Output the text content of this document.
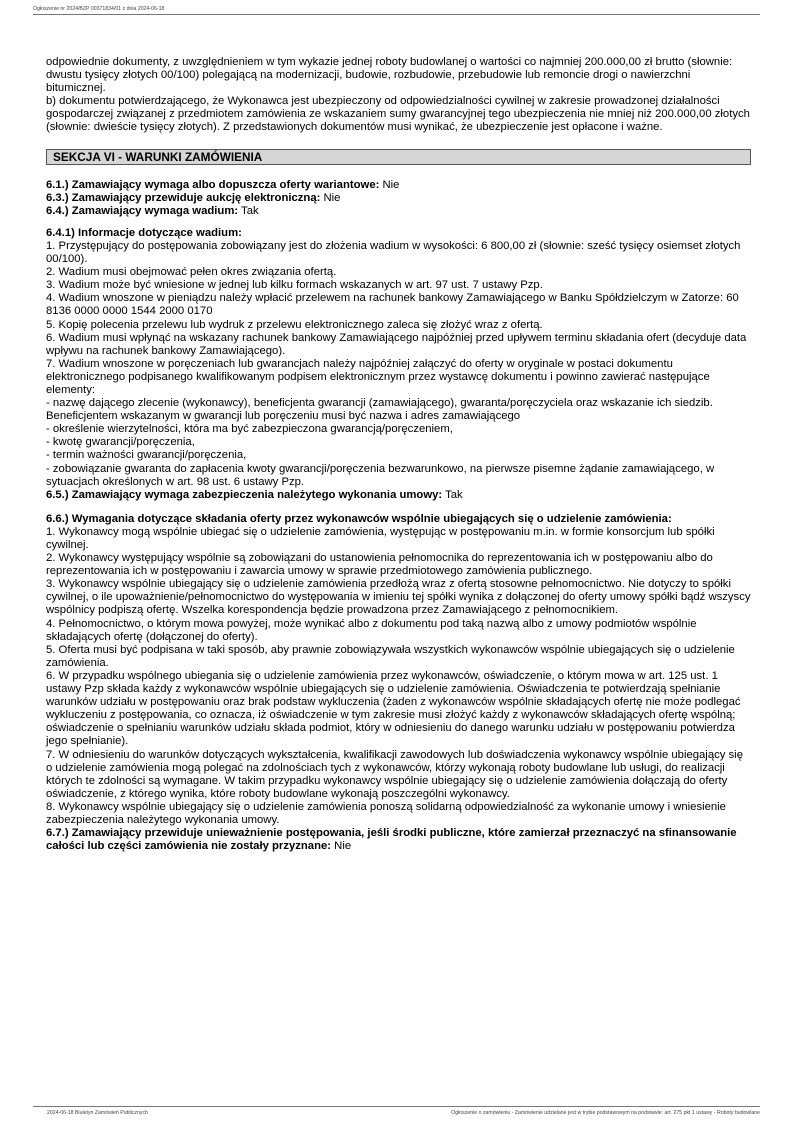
Ogłoszenie nr 2024/BZP 00371834/01 z dnia 2024-06-18

odpowiednie dokumenty, z uwzględnieniem w tym wykazie jednej roboty budowlanej o wartości co najmniej 200.000,00 zł brutto (słownie: dwustu tysięcy złotych 00/100) polegającą na modernizacji, budowie, rozbudowie, przebudowie lub remoncie drogi o nawierzchni bitumicznej.

b) dokumentu potwierdzającego, że Wykonawca jest ubezpieczony od odpowiedzialności cywilnej w zakresie prowadzonej działalności gospodarczej związanej z przedmiotem zamówienia ze wskazaniem sumy gwarancyjnej tego ubezpieczenia nie mniej niż 200.000,00 złotych (słownie: dwieście tysięcy złotych). Z przedstawionych dokumentów musi wynikać, że ubezpieczenie jest opłacone i ważne.

SEKCJA VI - WARUNKI ZAMÓWIENIA

6.1.) Zamawiający wymaga albo dopuszcza oferty wariantowe: Nie

6.3.) Zamawiający przewiduje aukcję elektroniczną: Nie

6.4.) Zamawiający wymaga wadium: Tak

6.4.1) Informacje dotyczące wadium:

1. Przystępujący do postępowania zobowiązany jest do złożenia wadium w wysokości: 6 800,00 zł (słownie: sześć tysięcy osiemset złotych 00/100).

2. Wadium musi obejmować pełen okres związania ofertą.

3. Wadium może być wniesione w jednej lub kilku formach wskazanych w art. 97 ust. 7 ustawy Pzp.

4. Wadium wnoszone w pieniądzu należy wpłacić przelewem na rachunek bankowy Zamawiającego w Banku Spółdzielczym w Zatorze: 60 8136 0000 0000 1544 2000 0170

5. Kopię polecenia przelewu lub wydruk z przelewu elektronicznego zaleca się złożyć wraz z ofertą.

6. Wadium musi wpłynąć na wskazany rachunek bankowy Zamawiającego najpóźniej przed upływem terminu składania ofert (decyduje data wpływu na rachunek bankowy Zamawiającego).

7. Wadium wnoszone w poręczeniach lub gwarancjach należy najpóźniej załączyć do oferty w oryginale w postaci dokumentu elektronicznego podpisanego kwalifikowanym podpisem elektronicznym przez wystawcę dokumentu i powinno zawierać następujące elementy:

- nazwę dającego zlecenie (wykonawcy), beneficjenta gwarancji (zamawiającego), gwaranta/poręczyciela oraz wskazanie ich siedzib. Beneficjentem wskazanym w gwarancji lub poręczeniu musi być nazwa i adres zamawiającego

- określenie wierzytelności, która ma być zabezpieczona gwarancją/poręczeniem,

- kwotę gwarancji/poręczenia,

- termin ważności gwarancji/poręczenia,

- zobowiązanie gwaranta do zapłacenia kwoty gwarancji/poręczenia bezwarunkowo, na pierwsze pisemne żądanie zamawiającego, w sytuacjach określonych w art. 98 ust. 6 ustawy Pzp.

6.5.) Zamawiający wymaga zabezpieczenia należytego wykonania umowy: Tak

6.6.) Wymagania dotyczące składania oferty przez wykonawców wspólnie ubiegających się o udzielenie zamówienia:

1. Wykonawcy mogą wspólnie ubiegać się o udzielenie zamówienia, występując w postępowaniu m.in. w formie konsorcjum lub spółki cywilnej.

2. Wykonawcy występujący wspólnie są zobowiązani do ustanowienia pełnomocnika do reprezentowania ich w postępowaniu albo do reprezentowania ich w postępowaniu i zawarcia umowy w sprawie przedmiotowego zamówienia publicznego.

3. Wykonawcy wspólnie ubiegający się o udzielenie zamówienia przedłożą wraz z ofertą stosowne pełnomocnictwo. Nie dotyczy to spółki cywilnej, o ile upoważnienie/pełnomocnictwo do występowania w imieniu tej spółki wynika z dołączonej do oferty umowy spółki bądź wszyscy wspólnicy podpiszą ofertę. Wszelka korespondencja będzie prowadzona przez Zamawiającego z pełnomocnikiem.

4. Pełnomocnictwo, o którym mowa powyżej, może wynikać albo z dokumentu pod taką nazwą albo z umowy podmiotów wspólnie składających ofertę (dołączonej do oferty).

5. Oferta musi być podpisana w taki sposób, aby prawnie zobowiązywała wszystkich wykonawców wspólnie ubiegających się o udzielenie zamówienia.

6. W przypadku wspólnego ubiegania się o udzielenie zamówienia przez wykonawców, oświadczenie, o którym mowa w art. 125 ust. 1 ustawy Pzp składa każdy z wykonawców wspólnie ubiegających się o udzielenie zamówienia. Oświadczenia te potwierdzają spełnianie warunków udziału w postępowaniu oraz brak podstaw wykluczenia (żaden z wykonawców wspólnie składających ofertę nie może podlegać wykluczeniu z postępowania, co oznacza, iż oświadczenie w tym zakresie musi złożyć każdy z wykonawców składających ofertę wspólną; oświadczenie o spełnianiu warunków udziału składa podmiot, który w odniesieniu do danego warunku udziału w postępowaniu potwierdza jego spełnianie).

7. W odniesieniu do warunków dotyczących wykształcenia, kwalifikacji zawodowych lub doświadczenia wykonawcy wspólnie ubiegający się o udzielenie zamówienia mogą polegać na zdolnościach tych z wykonawców, którzy wykonają roboty budowlane lub usługi, do realizacji których te zdolności są wymagane. W takim przypadku wykonawcy wspólnie ubiegający się o udzielenie zamówienia dołączają do oferty oświadczenie, z którego wynika, które roboty budowlane wykonają poszczególni wykonawcy.

8. Wykonawcy wspólnie ubiegający się o udzielenie zamówienia ponoszą solidarną odpowiedzialność za wykonanie umowy i wniesienie zabezpieczenia należytego wykonania umowy.

6.7.) Zamawiający przewiduje unieważnienie postępowania, jeśli środki publiczne, które zamierzał przeznaczyć na sfinansowanie całości lub części zamówienia nie zostały przyznane: Nie

2024-06-18 Biuletyn Zamówień Publicznych	Ogłoszenie o zamówieniu - Zamówienie udzielane jest w trybie podstawowym na podstawie: art. 275 pkt 1 ustawy - Roboty budowlane
